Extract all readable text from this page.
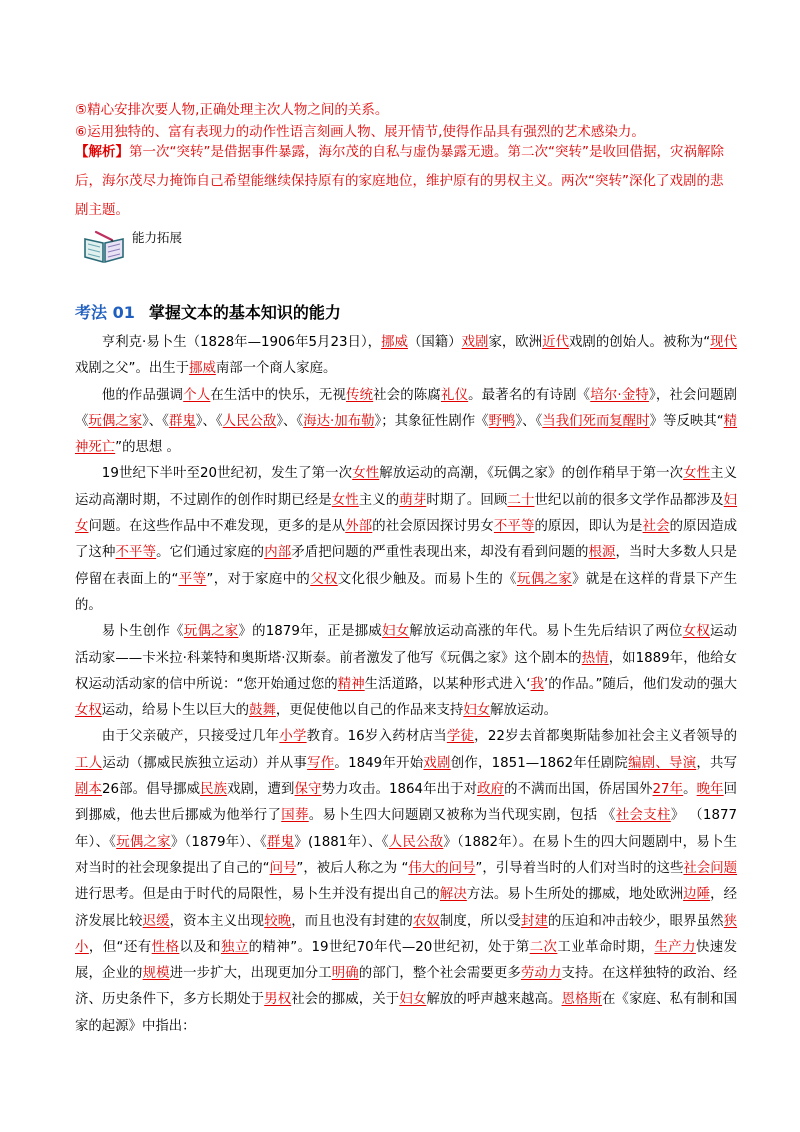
⑤精心安排次要人物,正确处理主次人物之间的关系。
⑥运用独特的、富有表现力的动作性语言刻画人物、展开情节,使得作品具有强烈的艺术感染力。
【解析】第一次“突转”是借据事件暴露，海尔茂的自私与虚伪暴露无遗。第二次“突转”是收回借据，灾祸解除后，海尔茂尽力掩饰自己希望能继续保持原有的家庭地位，维护原有的男权主义。两次“突转”深化了戏剧的悲剧主题。
能力拓展
考法 01 掌握文本的基本知识的能力

亨利克·易卜生（1828年—1906年5月23日），挪威（国籍）戏剧家，欧洲近代戏剧的创始人。被称为“现代戏剧之父”。出生于挪威南部一个商人家庭。

他的作品强调个人在生活中的快乐，无视传统社会的陈腐礼仪。最著名的有诗剧《培尔·金特》，社会问题剧《玩偶之家》、《群鬼》、《人民公敌》、《海达·加布勒》；其象征性剧作《野鸭》、《当我们死而复醒时》等反映其“精神死亡”的思想 。

19世纪下半叶至20世纪初，发生了第一次女性解放运动的高潮，《玩偶之家》的创作稍早于第一次女性主义运动高潮时期，不过剧作的创作时期已经是女性主义的萌芽时期了。回顾二十世纪以前的很多文学作品都涉及妇女问题。在这些作品中不难发现，更多的是从外部的社会原因探讨男女不平等的原因，即认为是社会的原因造成了这种不平等。它们通过家庭的内部矛盾把问题的严重性表现出来，却没有看到问题的根源，当时大多数人只是停留在表面上的“平等”，对于家庭中的父权文化很少触及。而易卜生的《玩偶之家》就是在这样的背景下产生的。

易卜生创作《玩偶之家》的1879年，正是挪威妇女解放运动高涨的年代。易卜生先后结识了两位女权运动活动家——卡米拉·科莱特和奥斯塔·汉斯泰。前者激发了他写《玩偶之家》这个剧本的热情，如1889年，他给女权运动活动家的信中所说：“您开始通过您的精神生活道路，以某种形式进入‘我’的作品。”随后，他们发动的强大女权运动，给易卜生以巨大的鼓舞，更促使他以自己的作品来支持妇女解放运动。

由于父亲破产，只接受过几年小学教育。16岁入药材店当学徒，22岁去首都奥斯陆参加社会主义者领导的工人运动（挪威民族独立运动）并从事写作。1849年开始戏剧创作，1851—1862年任剧院编剧、导演，共写剧本26部。倡导挪威民族戏剧，遭到保守势力攻击。1864年出于对政府的不满而出国，侨居国外27年。晚年回到挪威，他去世后挪威为他举行了国葬。易卜生四大问题剧又被称为当代现实剧，包括 《社会支柱》 （1877年）、《玩偶之家》（1879年）、《群鬼》(1881年）、《人民公敌》（1882年）。在易卜生的四大问题剧中，易卜生对当时的社会现象提出了自己的“问号”，被后人称之为 “伟大的问号”，引导着当时的人们对当时的这些社会问题进行思考。但是由于时代的局限性，易卜生并没有提出自己的解决方法。易卜生所处的挪威，地处欧洲边陲，经济发展比较迟缓，资本主义出现较晚，而且也没有封建的农奴制度，所以受封建的压迫和冲击较少，眼界虽然狭小，但“还有性格以及和独立的精神”。19世纪70年代—20世纪初，处于第二次工业革命时期，生产力快速发展，企业的规模进一步扩大，出现更加分工明确的部门，整个社会需要更多劳动力支持。在这样独特的政治、经济、历史条件下，多方长期处于男权社会的挪威，关于妇女解放的呼声越来越高。恩格斯在《家庭、私有制和国家的起源》中指出：
